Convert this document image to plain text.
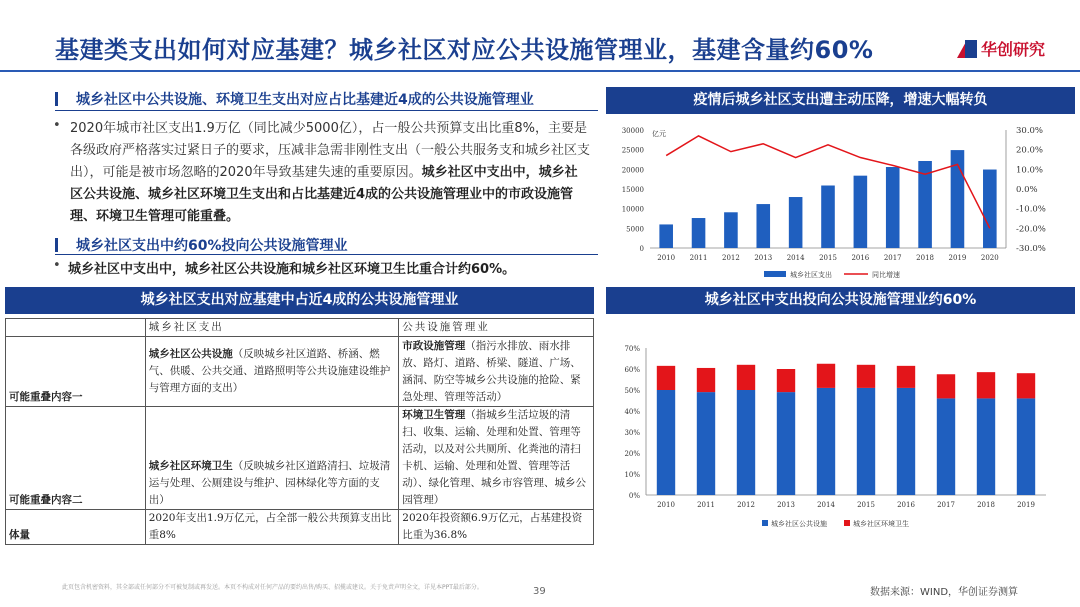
基建类支出如何对应基建？城乡社区对应公共设施管理业，基建含量约60%	华创研究
城乡社区中公共设施、环境卫生支出对应占比基建近4成的公共设施管理业
• 2020年城市社区支出1.9万亿（同比减少5000亿），占一般公共预算支出比重8%，主要是各级政府严格落实过紧日子的要求，压减非急需非刚性支出（一般公共服务支和城乡社区支出），可能是被市场忽略的2020年导致基建失速的重要原因。城乡社区中支出中，城乡社区公共设施、城乡社区环境卫生支出和占比基建近4成的公共设施管理业中的市政设施管理、环境卫生管理可能重叠。
城乡社区支出中约60%投向公共设施管理业
• 城乡社区中支出中，城乡社区公共设施和城乡社区环境卫生比重合计约60%。
城乡社区支出对应基建中占近4成的公共设施管理业
疫情后城乡社区支出遭主动压降，增速大幅转负
城乡社区中支出投向公共设施管理业约60%
	城乡社区支出	公共设施管理业
可能重叠内容一	城乡社区公共设施（反映城乡社区道路、桥涵、燃气、供暖、公共交通、道路照明等公共设施建设维护与管理方面的支出）	市政设施管理（指污水排放、雨水排放、路灯、道路、桥梁、隧道、广场、涵洞、防空等城乡公共设施的抢险、紧急处理、管理等活动）
可能重叠内容二	城乡社区环境卫生（反映城乡社区道路清扫、垃圾清运与处理、公厕建设与维护、园林绿化等方面的支出）	环境卫生管理（指城乡生活垃圾的清扫、收集、运输、处理和处置、管理等活动，以及对公共厕所、化粪池的清扫卡机、运输、处理和处置、管理等活动）、绿化管理、城乡市容管理、城乡公园管理）
体量	2020年支出1.9万亿元，占全部一般公共预算支出比重8%	2020年投资额6.9万亿元，占基建投资比重为36.8%
0
5000
10000
15000
20000
25000
30000
-30.0%
-20.0%
-10.0%
0.0%
10.0%
20.0%
30.0%
亿元
2010 2011 2012 2013 2014 2015 2016 2017 2018 2019 2020
城乡社区支出	同比增速
0%
10%
20%
30%
40%
50%
60%
70%
2010	2011	2012	2013	2014	2015	2016	2017	2018	2019
城乡社区公共设施	城乡社区环境卫生
此页包含机密资料，其全部或任何部分不可被复制或再发送。本页不构成对任何产品的要约出售/购买、招揽或建议。关于免责声明全文，详见本PPT最后部分。	39	数据来源：WIND，华创证券测算
